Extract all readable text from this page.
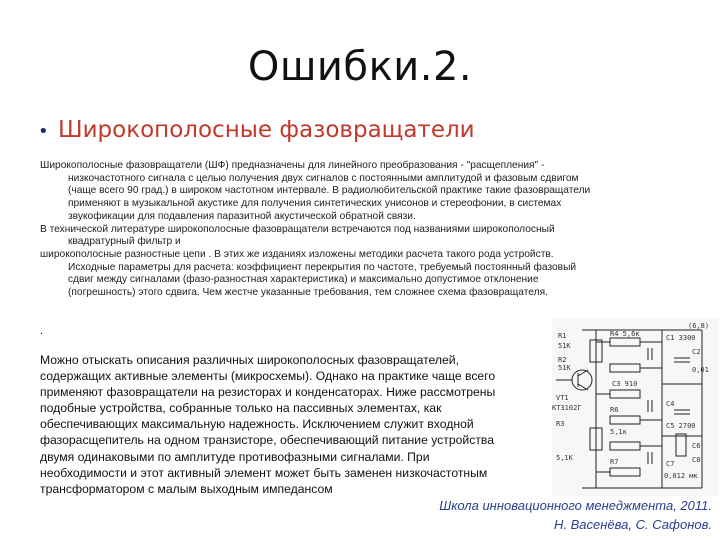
Ошибки.2.
• Широкополосные фазовращатели
Широкополосные фазовращатели (ШФ) предназначены для линейного преобразования - "расщепления" -
низкочастотного сигнала с целью получения двух сигналов с постоянными амплитудой и фазовым сдвигом
(чаще всего 90 град.) в широком частотном интервале. В радиолюбительской практике такие фазовращатели
применяют в музыкальной акустике для получения синтетических унисонов и стереофонии, в системах
звукофикации для подавления паразитной акустической обратной связи.
В технической литературе широкополосные фазовращатели встречаются под названиями широкополосный
квадратурный фильтр и
широкополосные разностные цепи . В этих же изданиях изложены методики расчета такого рода устройств.
Исходные параметры для расчета: коэффициент перекрытия по частоте, требуемый постоянный фазовый
сдвиг между сигналами (фазо-разностная характеристика) и максимально допустимое отклонение
(погрешность) этого сдвига. Чем жестче указанные требования, тем сложнее схема фазовращателя.
.
Можно отыскать описания различных широкополосных фазовращателей,
содержащих активные элементы (микросхемы). Однако на практике чаще всего
применяют фазовращатели на резисторах и конденсаторах. Ниже рассмотрены
подобные устройства, собранные только на пассивных элементах, как
обеспечивающих максимальную надежность. Исключением служит входной
фазорасщепитель на одном транзисторе, обеспечивающий питание устройства
двумя одинаковыми по амплитуде противофазными сигналами. При
необходимости и этот активный элемент может быть заменен низкочастотным
трансформатором с малым выходным импедансом
R1
51К
R4 5,6к	C1 3300
C2
0,01
R2
51К
VT1
КТ3102Г
C3 910
C4
C5 2700
R6
5,1к
C6
R3
5,1К
C7
0,012 мк
C8
R7
(6,8)
Школа инновационного менеджмента, 2011.
Н. Васенёва, С. Сафонов.
